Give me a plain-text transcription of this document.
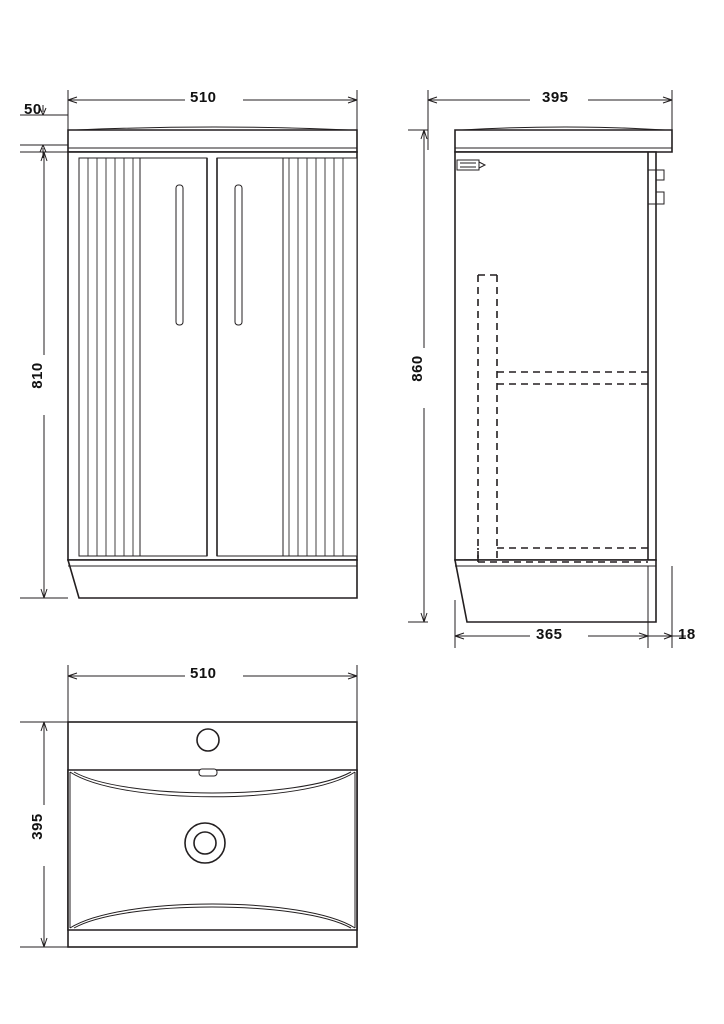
510
50
810
395
860
365	18
510
395
